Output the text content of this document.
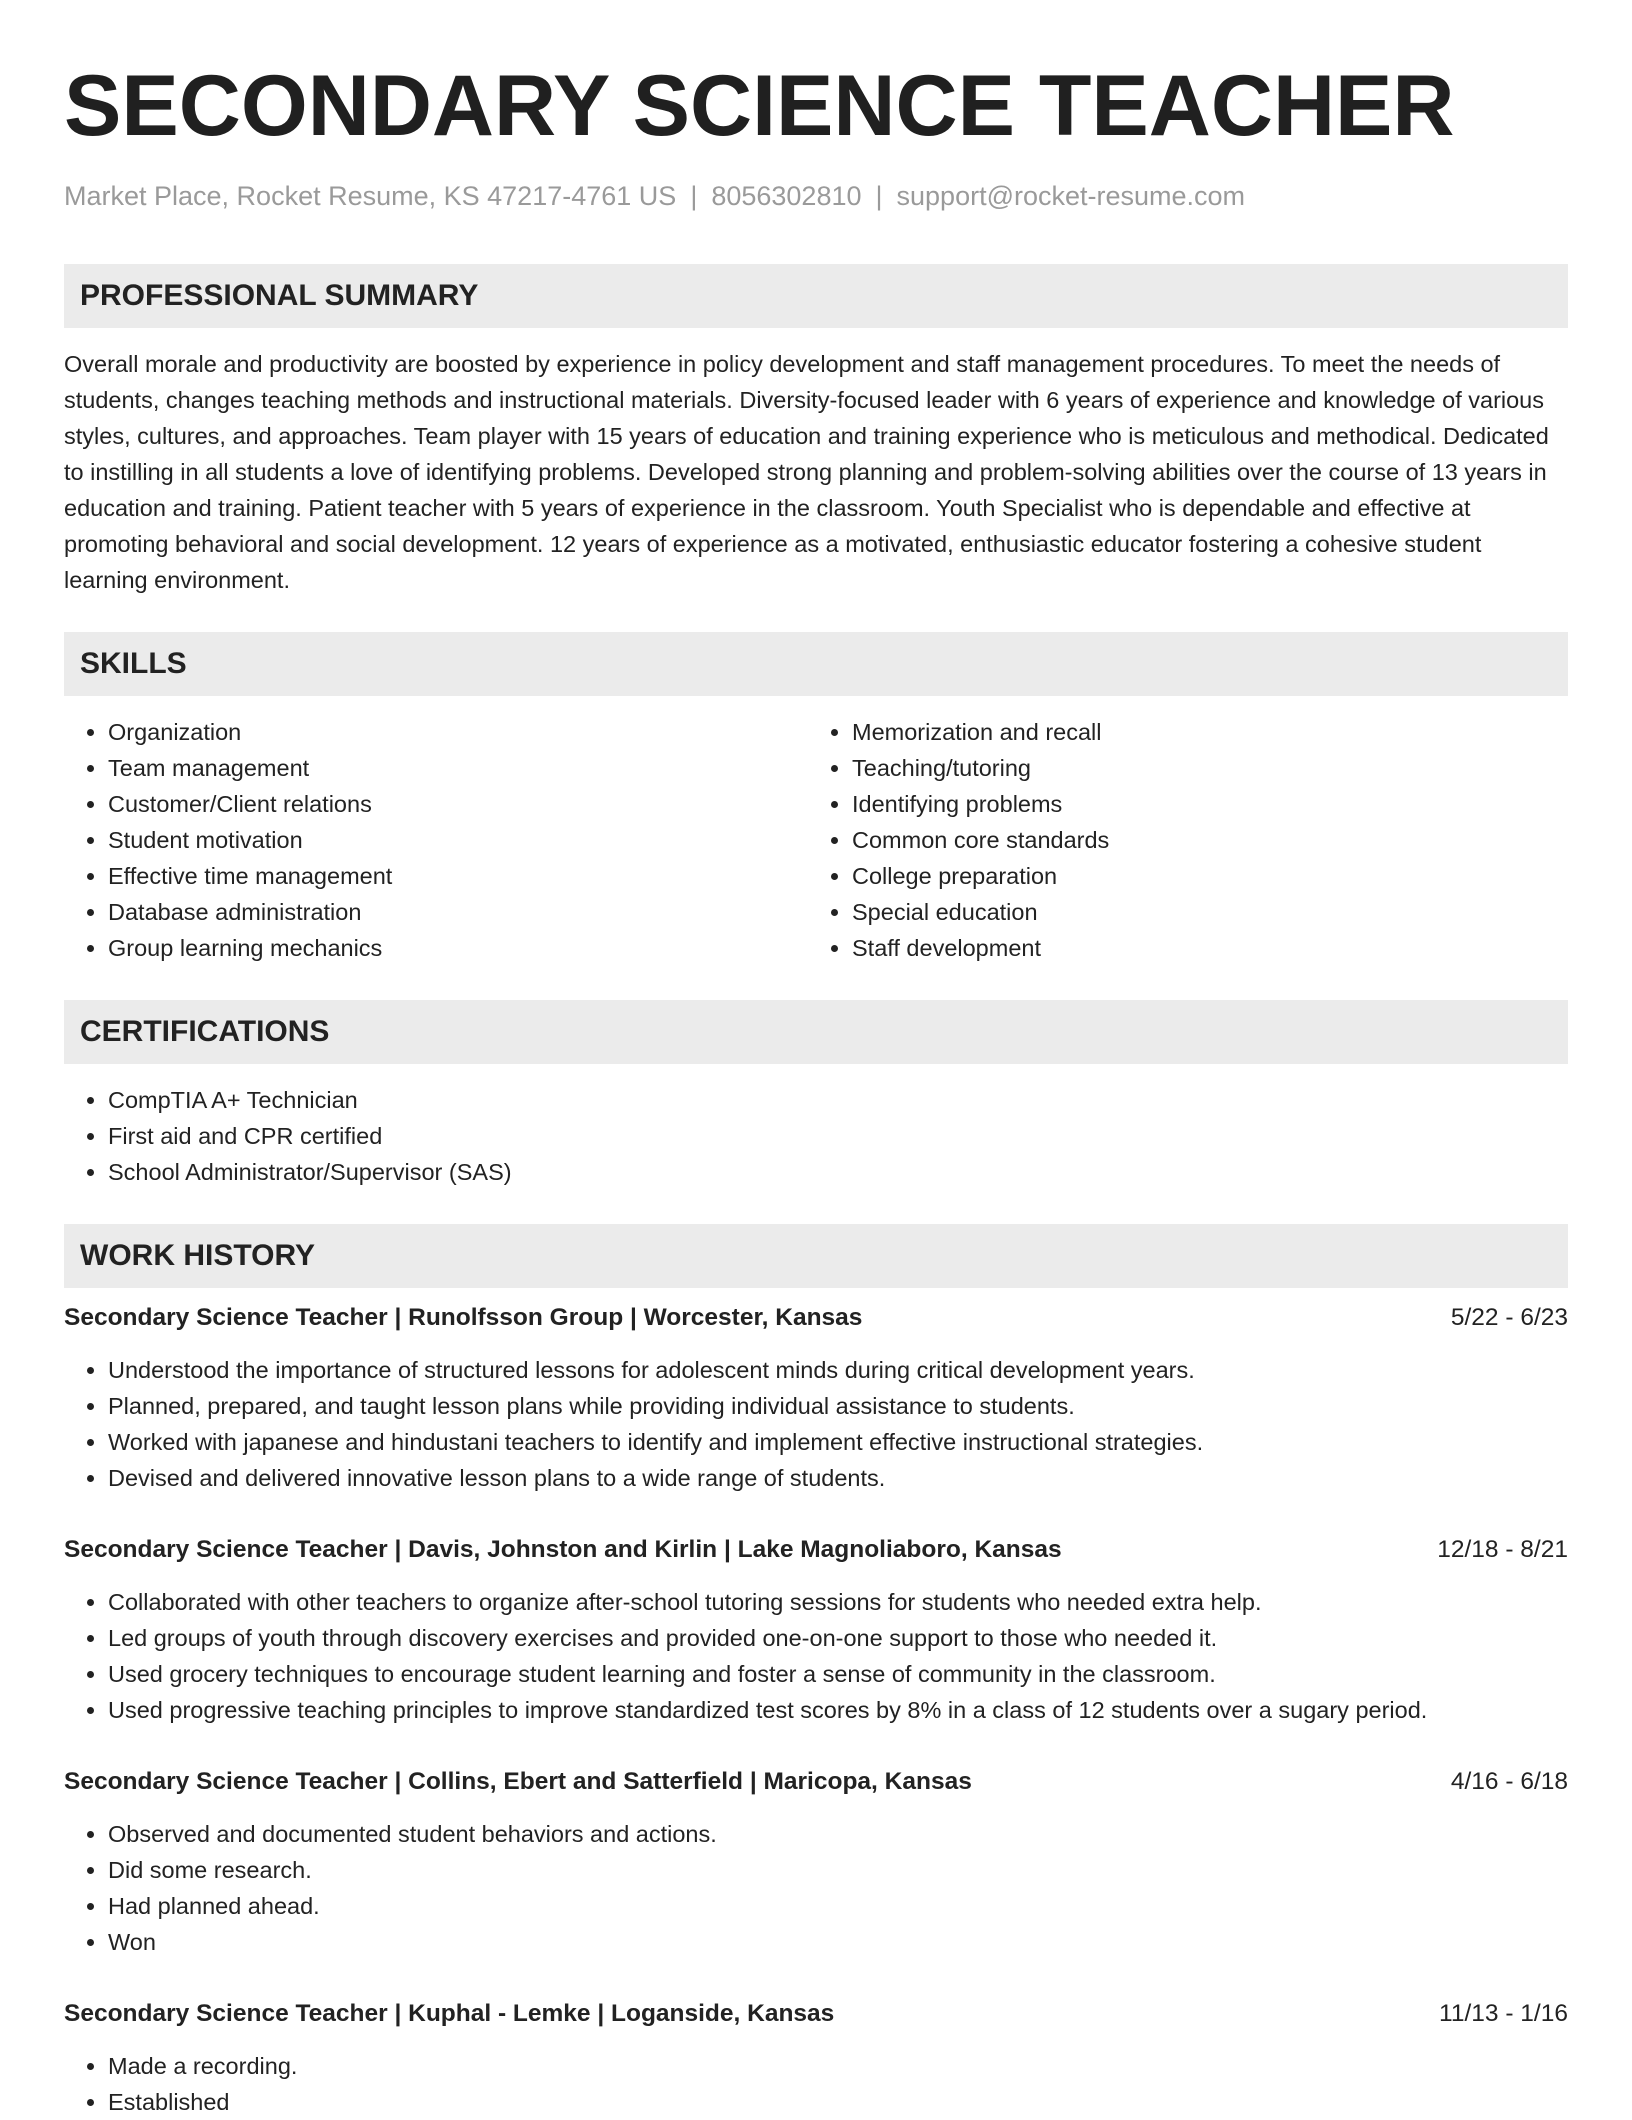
SECONDARY SCIENCE TEACHER
Market Place, Rocket Resume, KS 47217-4761 US | 8056302810 | support@rocket-resume.com
PROFESSIONAL SUMMARY
Overall morale and productivity are boosted by experience in policy development and staff management procedures. To meet the needs of students, changes teaching methods and instructional materials. Diversity-focused leader with 6 years of experience and knowledge of various styles, cultures, and approaches. Team player with 15 years of education and training experience who is meticulous and methodical. Dedicated to instilling in all students a love of identifying problems. Developed strong planning and problem-solving abilities over the course of 13 years in education and training. Patient teacher with 5 years of experience in the classroom. Youth Specialist who is dependable and effective at promoting behavioral and social development. 12 years of experience as a motivated, enthusiastic educator fostering a cohesive student learning environment.
SKILLS
• Organization
• Team management
• Customer/Client relations
• Student motivation
• Effective time management
• Database administration
• Group learning mechanics
• Memorization and recall
• Teaching/tutoring
• Identifying problems
• Common core standards
• College preparation
• Special education
• Staff development
CERTIFICATIONS
• CompTIA A+ Technician
• First aid and CPR certified
• School Administrator/Supervisor (SAS)
WORK HISTORY
Secondary Science Teacher | Runolfsson Group | Worcester, Kansas	5/22 - 6/23
• Understood the importance of structured lessons for adolescent minds during critical development years.
• Planned, prepared, and taught lesson plans while providing individual assistance to students.
• Worked with japanese and hindustani teachers to identify and implement effective instructional strategies.
• Devised and delivered innovative lesson plans to a wide range of students.
Secondary Science Teacher | Davis, Johnston and Kirlin | Lake Magnoliaboro, Kansas	12/18 - 8/21
• Collaborated with other teachers to organize after-school tutoring sessions for students who needed extra help.
• Led groups of youth through discovery exercises and provided one-on-one support to those who needed it.
• Used grocery techniques to encourage student learning and foster a sense of community in the classroom.
• Used progressive teaching principles to improve standardized test scores by 8% in a class of 12 students over a sugary period.
Secondary Science Teacher | Collins, Ebert and Satterfield | Maricopa, Kansas	4/16 - 6/18
• Observed and documented student behaviors and actions.
• Did some research.
• Had planned ahead.
• Won
Secondary Science Teacher | Kuphal - Lemke | Loganside, Kansas	11/13 - 1/16
• Made a recording.
• Established
